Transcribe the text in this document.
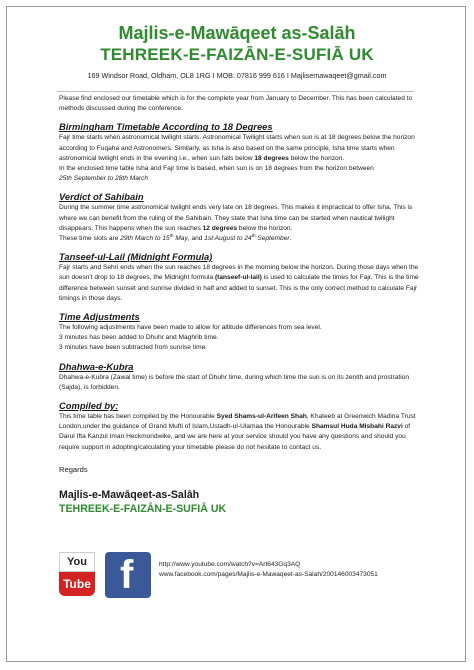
Majlis-e-Mawāqeet as-Salāh
TEHREEK-E-FAIZĀN-E-SUFIĀ UK
169 Windsor Road, Oldham, OL8 1RG I MOB: 07816 999 616 I Majlisemawaqeet@gmail.com

Please find enclosed our timetable which is for the complete year from January to December. This has been calculated to methods discussed during the conference.

Birmingham Timetable According to 18 Degrees

Fajr time starts when astronomical twilight starts. Astronomical Twilight starts when sun is at 18 degrees below the horizon according to Fuqaha and Astronomers. Similarly, as Isha is also based on the same principle, Isha time starts when astronomical twilight ends in the evening i.e., when sun falls below 18 degrees below the horizon.

In the enclosed time table Isha and Fajr time is based, when sun is on 18 degrees from the horizon between
25th September to 28th March

Verdict of Sahibain

During the summer time astronomical twilight ends very late on 18 degrees. This makes it impractical to offer Isha, This is where we can benefit from the ruling of the Sahibain. They state that Isha time can be started when nautical twilight disappears. This happens when the sun reaches 12 degrees below the horizon.

These time slots are 29th March to 15th May, and 1st August to 24th September.

Tanseef-ul-Lail (Midnight Formula)

Fajr starts and Sehri ends when the sun reaches 18 degrees in the morning below the horizon. During those days when the sun doesn't drop to 18 degrees, the Midnight formula (tanseef-ul-lail) is used to calculate the times for Fajr. This is the time difference between sunset and sunrise divided in half and added to sunset. This is the only correct method to calculate Fajr timings in those days.

Time Adjustments

The following adjustments have been made to allow for altitude differences from sea level.

3 minutes has been added to Dhuhr and Maghrib time.

3 minutes have been subtracted from sunrise time.

Dhahwa-e-Kubra

Dhahwa-e-Kubra (Zawal time) is before the start of Dhuhr time, during which time the sun is on its zenith and prostration (Sajda), is forbidden.

Compiled by:

This time table has been compiled by the Honourable Syed Shams-ul-Arifeen Shah, Khateeb at Greenwich Madina Trust London,under the guidance of Grand Mufti of Islam,Ustadh-ul-Ulamaa the Honourable Shamsul Huda Misbahi Razvi of Darul Ifta Kanzul Iman Heckmondwike, and we are here at your service should you have any questions and should you require support in adopting/calculating your timetable please do not hesitate to contact us.

Regards
Majlis-e-Mawāqeet-as-Salāh
TEHREEK-E-FAIZĀN-E-SUFIĀ UK
You
Tube f	http://www.youtube.com/watch?v=Art643Gq3AQ
www.facebook.com/pages/Majlis-e-Mawaqeet-as-Salah/200146003473051
